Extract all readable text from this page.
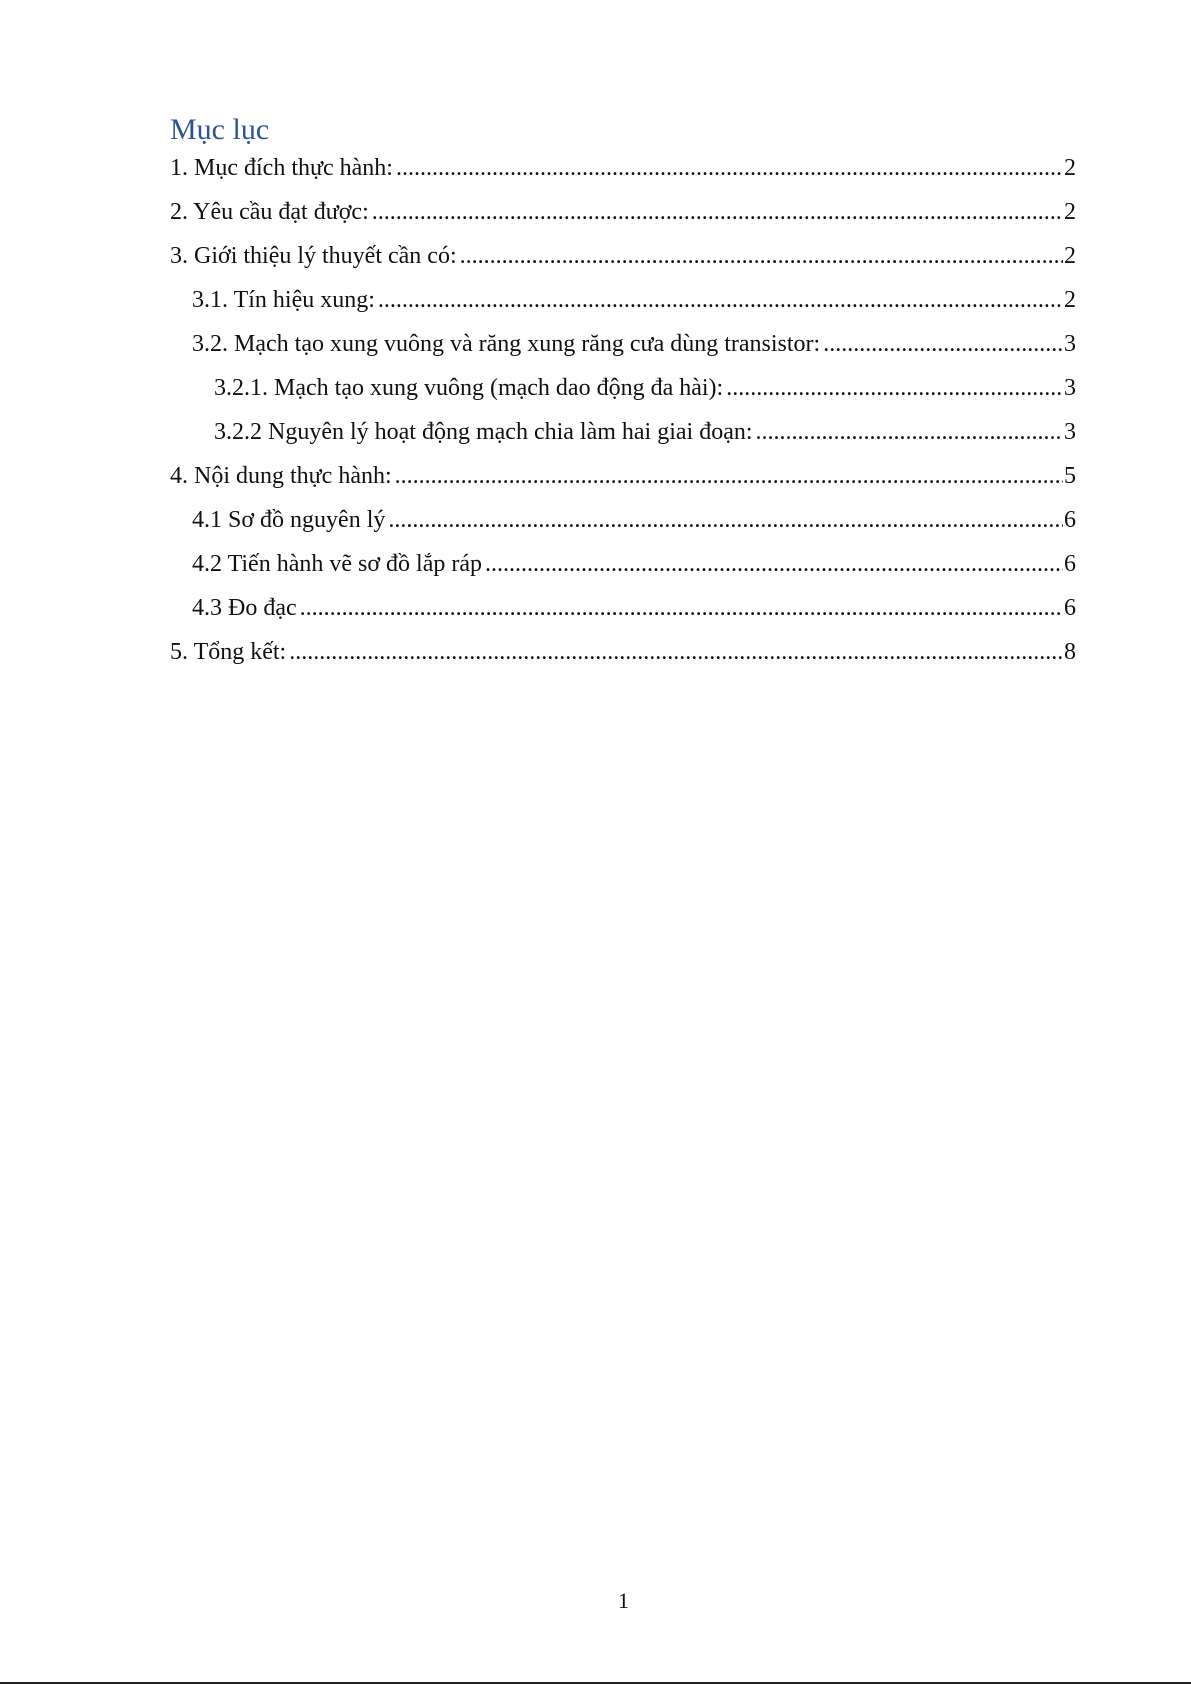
Mục lục
1. Mục đích thực hành: .....	2
2. Yêu cầu đạt được: .....	2
3. Giới thiệu lý thuyết cần có: .....	2
3.1. Tín hiệu xung: .....	2
3.2. Mạch tạo xung vuông và răng xung răng cưa dùng transistor: .....	3
3.2.1. Mạch tạo xung vuông (mạch dao động đa hài): .....	3
3.2.2 Nguyên lý hoạt động mạch chia làm hai giai đoạn: .....	3
4. Nội dung thực hành: .....	5
4.1 Sơ đồ nguyên lý .....	6
4.2 Tiến hành vẽ sơ đồ lắp ráp .....	6
4.3 Đo đạc .....	6
5. Tổng kết: .....	8

1
